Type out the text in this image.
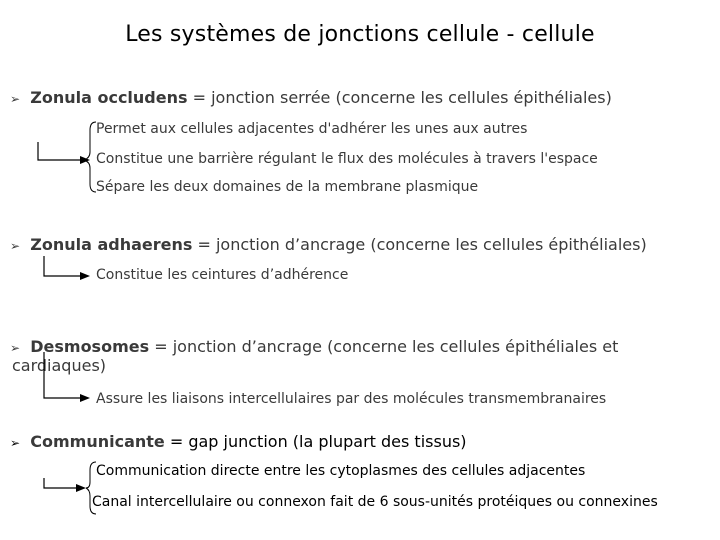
Les systèmes de jonctions cellule - cellule
➢ Zonula occludens = jonction serrée (concerne les cellules épithéliales)
Permet aux cellules adjacentes d'adhérer les unes aux autres
Constitue une barrière régulant le flux des molécules à travers l'espace
Sépare les deux domaines de la membrane plasmique
➢ Zonula adhaerens = jonction d’ancrage (concerne les cellules épithéliales)
Constitue les ceintures d’adhérence
➢ Desmosomes = jonction d’ancrage (concerne les cellules épithéliales et
cardiaques)
Assure les liaisons intercellulaires par des molécules transmembranaires
➢ Communicante = gap junction (la plupart des tissus)
Communication directe entre les cytoplasmes des cellules adjacentes
Canal intercellulaire ou connexon fait de 6 sous-unités protéiques ou connexines
